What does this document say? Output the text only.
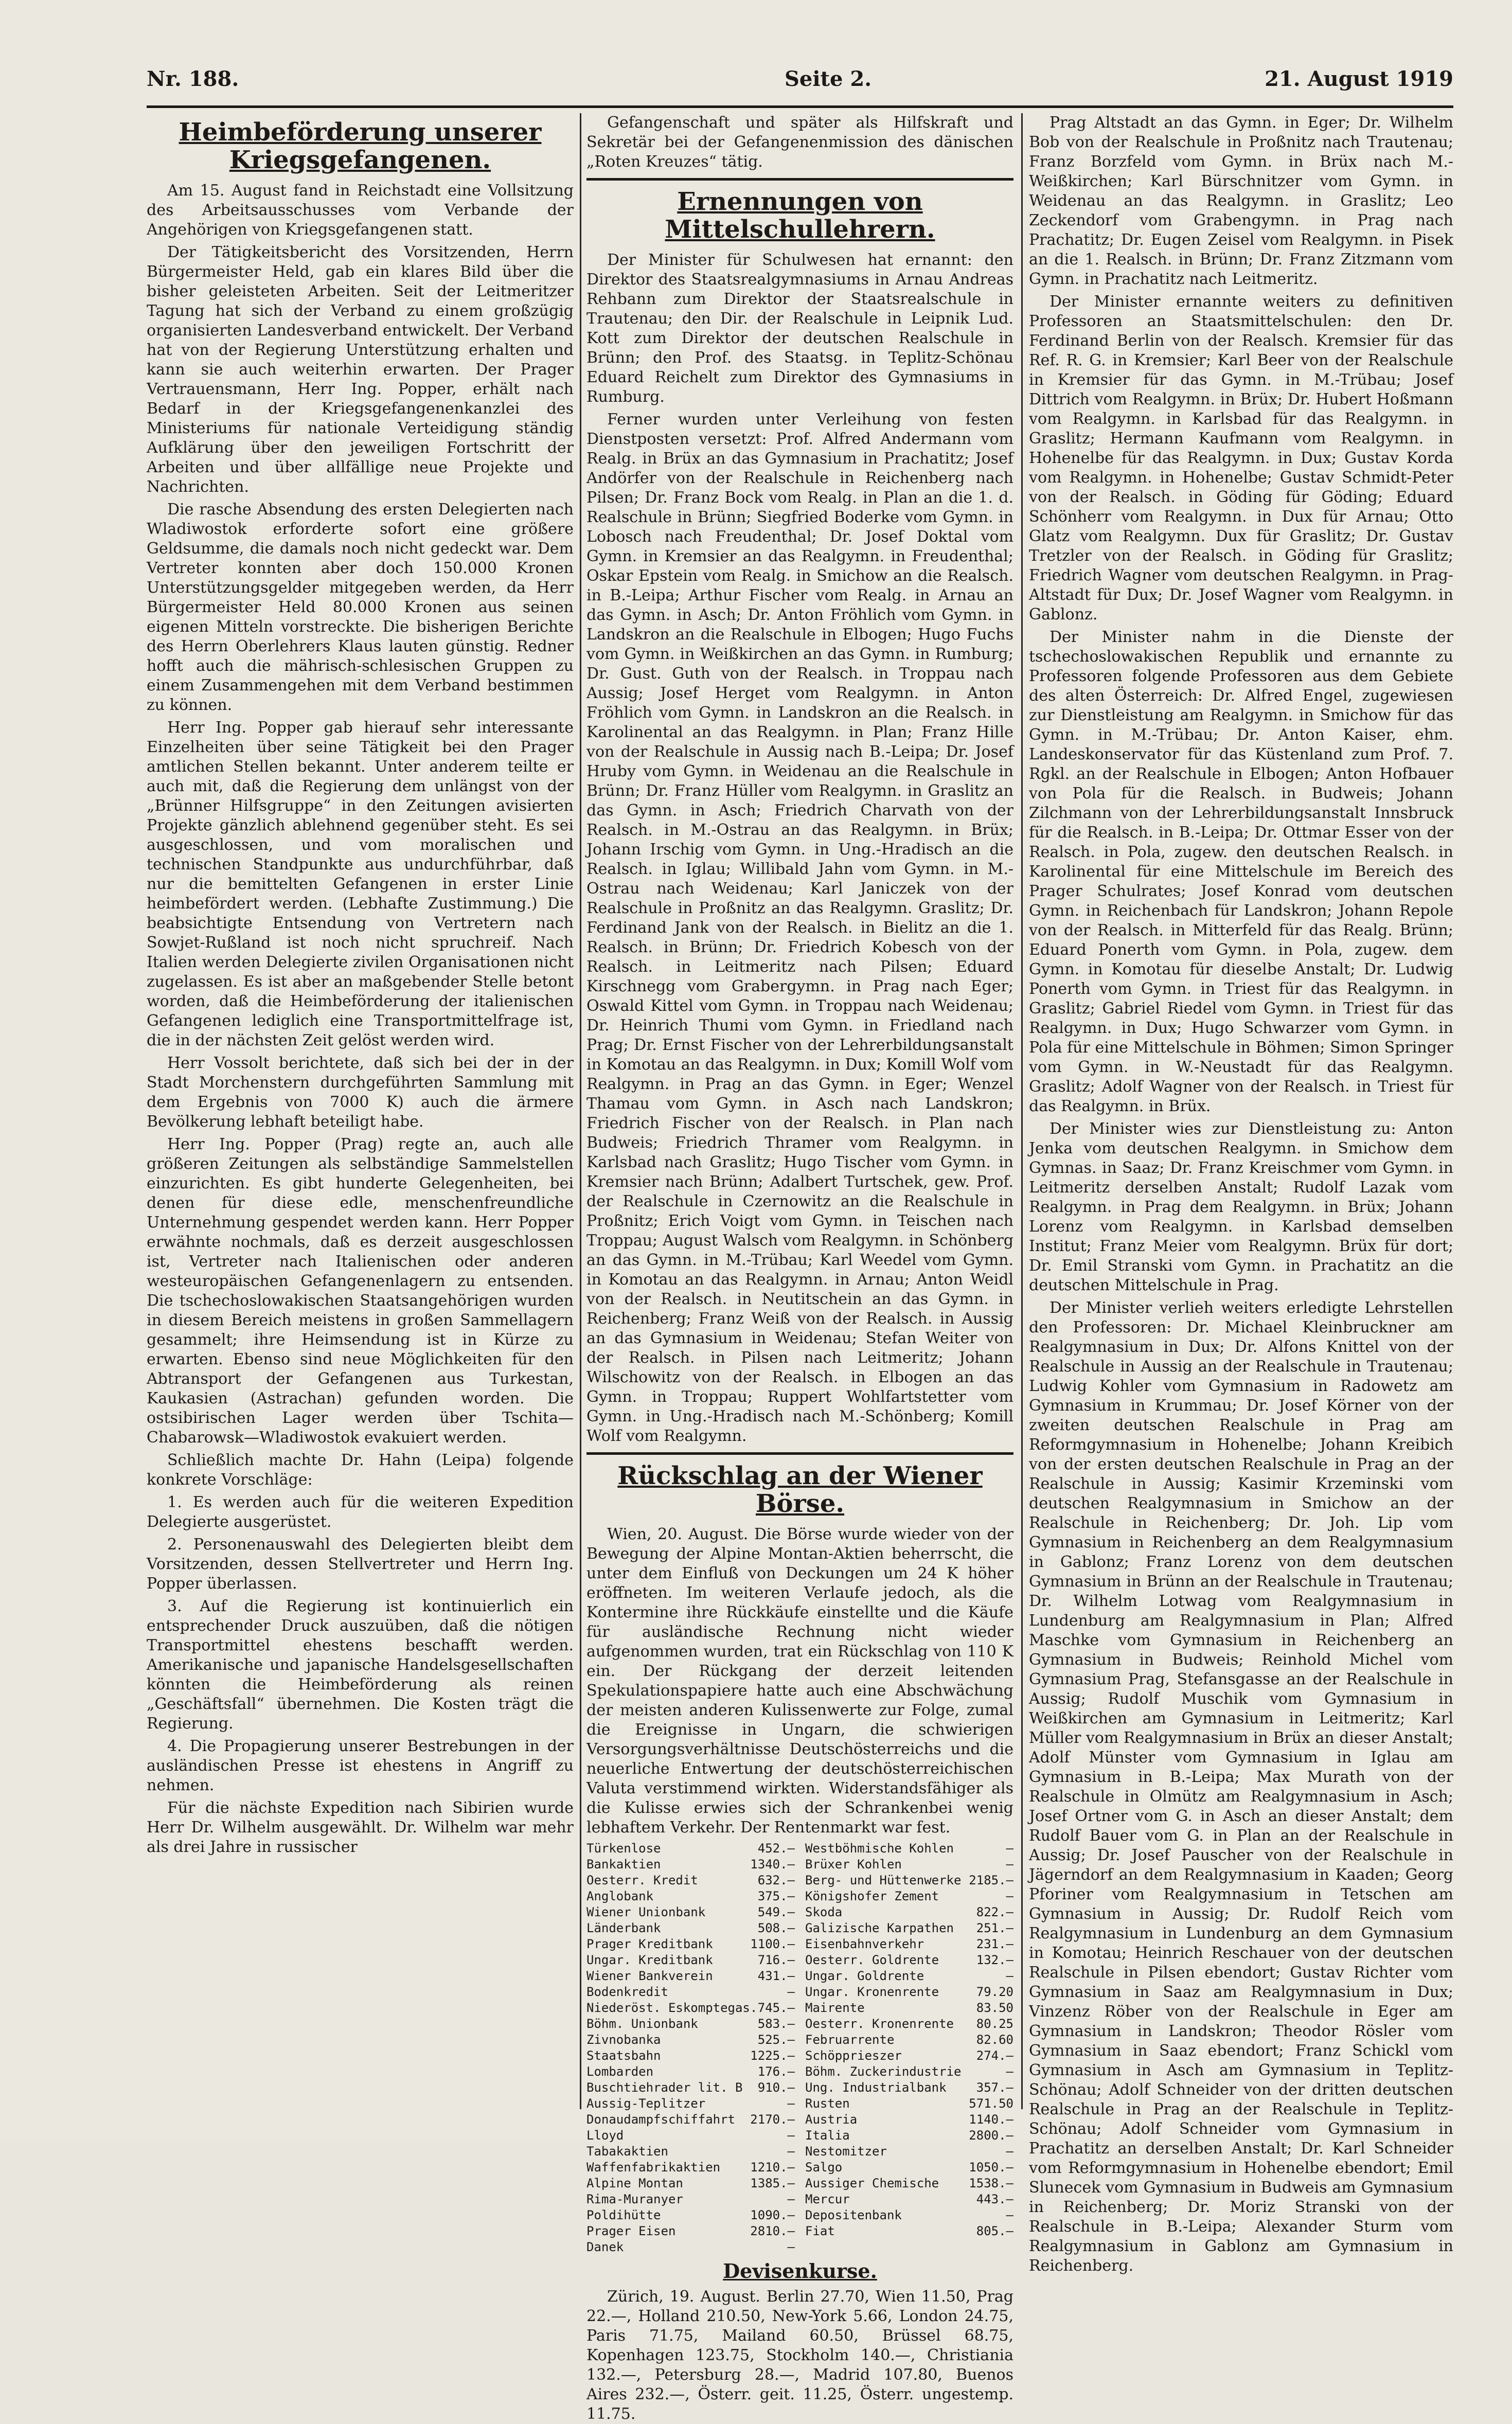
Nr. 188.	Seite 2.	21. August 1919
Heimbeförderung unserer Kriegsgefangenen.

Am 15. August fand in Reichstadt eine Vollsitzung des Arbeitsausschusses vom Verbande der Angehörigen von Kriegsgefangenen statt.

Der Tätigkeitsbericht des Vorsitzenden, Herrn Bürgermeister Held, gab ein klares Bild über die bisher geleisteten Arbeiten. Seit der Leitmeritzer Tagung hat sich der Verband zu einem großzügig organisierten Landesverband entwickelt. Der Verband hat von der Regierung Unterstützung erhalten und kann sie auch weiterhin erwarten. Der Prager Vertrauensmann, Herr Ing. Popper, erhält nach Bedarf in der Kriegsgefangenenkanzlei des Ministeriums für nationale Verteidigung ständig Aufklärung über den jeweiligen Fortschritt der Arbeiten und über allfällige neue Projekte und Nachrichten.

Die rasche Absendung des ersten Delegierten nach Wladiwostok erforderte sofort eine größere Geldsumme, die damals noch nicht gedeckt war. Dem Vertreter konnten aber doch 150.000 Kronen Unterstützungsgelder mitgegeben werden, da Herr Bürgermeister Held 80.000 Kronen aus seinen eigenen Mitteln vorstreckte. Die bisherigen Berichte des Herrn Oberlehrers Klaus lauten günstig. Redner hofft auch die mährisch-schlesischen Gruppen zu einem Zusammengehen mit dem Verband bestimmen zu können.

Herr Ing. Popper gab hierauf sehr interessante Einzelheiten über seine Tätigkeit bei den Prager amtlichen Stellen bekannt. Unter anderem teilte er auch mit, daß die Regierung dem unlängst von der „Brünner Hilfsgruppe“ in den Zeitungen avisierten Projekte gänzlich ablehnend gegenüber steht. Es sei ausgeschlossen, und vom moralischen und technischen Standpunkte aus undurchführbar, daß nur die bemittelten Gefangenen in erster Linie heimbefördert werden. (Lebhafte Zustimmung.) Die beabsichtigte Entsendung von Vertretern nach Sowjet-Rußland ist noch nicht spruchreif. Nach Italien werden Delegierte zivilen Organisationen nicht zugelassen. Es ist aber an maßgebender Stelle betont worden, daß die Heimbeförderung der italienischen Gefangenen lediglich eine Transportmittelfrage ist, die in der nächsten Zeit gelöst werden wird.

Herr Vossolt berichtete, daß sich bei der in der Stadt Morchenstern durchgeführten Sammlung mit dem Ergebnis von 7000 K) auch die ärmere Bevölkerung lebhaft beteiligt habe.

Herr Ing. Popper (Prag) regte an, auch alle größeren Zeitungen als selbständige Sammelstellen einzurichten. Es gibt hunderte Gelegenheiten, bei denen für diese edle, menschenfreundliche Unternehmung gespendet werden kann. Herr Popper erwähnte nochmals, daß es derzeit ausgeschlossen ist, Vertreter nach Italienischen oder anderen westeuropäischen Gefangenenlagern zu entsenden. Die tschechoslowakischen Staatsangehörigen wurden in diesem Bereich meistens in großen Sammellagern gesammelt; ihre Heimsendung ist in Kürze zu erwarten. Ebenso sind neue Möglichkeiten für den Abtransport der Gefangenen aus Turkestan, Kaukasien (Astrachan) gefunden worden. Die ostsibirischen Lager werden über Tschita—Chabarowsk—Wladiwostok evakuiert werden.

Schließlich machte Dr. Hahn (Leipa) folgende konkrete Vorschläge:

1. Es werden auch für die weiteren Expedition Delegierte ausgerüstet.

2. Personenauswahl des Delegierten bleibt dem Vorsitzenden, dessen Stellvertreter und Herrn Ing. Popper überlassen.

3. Auf die Regierung ist kontinuierlich ein entsprechender Druck auszuüben, daß die nötigen Transportmittel ehestens beschafft werden. Amerikanische und japanische Handelsgesellschaften könnten die Heimbeförderung als reinen „Geschäftsfall“ übernehmen. Die Kosten trägt die Regierung.

4. Die Propagierung unserer Bestrebungen in der ausländischen Presse ist ehestens in Angriff zu nehmen.

Für die nächste Expedition nach Sibirien wurde Herr Dr. Wilhelm ausgewählt. Dr. Wilhelm war mehr als drei Jahre in russischer

Gefangenschaft und später als Hilfskraft und Sekretär bei der Gefangenenmission des dänischen „Roten Kreuzes“ tätig.

Ernennungen von Mittelschullehrern.

Der Minister für Schulwesen hat ernannt: den Direktor des Staatsrealgymnasiums in Arnau Andreas Rehbann zum Direktor der Staatsrealschule in Trautenau; den Dir. der Realschule in Leipnik Lud. Kott zum Direktor der deutschen Realschule in Brünn; den Prof. des Staatsg. in Teplitz-Schönau Eduard Reichelt zum Direktor des Gymnasiums in Rumburg.

Ferner wurden unter Verleihung von festen Dienstposten versetzt: Prof. Alfred Andermann vom Realg. in Brüx an das Gymnasium in Prachatitz; Josef Andörfer von der Realschule in Reichenberg nach Pilsen; Dr. Franz Bock vom Realg. in Plan an die 1. d. Realschule in Brünn; Siegfried Boderke vom Gymn. in Lobosch nach Freudenthal; Dr. Josef Doktal vom Gymn. in Kremsier an das Realgymn. in Freudenthal; Oskar Epstein vom Realg. in Smichow an die Realsch. in B.-Leipa; Arthur Fischer vom Realg. in Arnau an das Gymn. in Asch; Dr. Anton Fröhlich vom Gymn. in Landskron an die Realschule in Elbogen; Hugo Fuchs vom Gymn. in Weißkirchen an das Gymn. in Rumburg; Dr. Gust. Guth von der Realsch. in Troppau nach Aussig; Josef Herget vom Realgymn. in Anton Fröhlich vom Gymn. in Landskron an die Realsch. in Karolinental an das Realgymn. in Plan; Franz Hille von der Realschule in Aussig nach B.-Leipa; Dr. Josef Hruby vom Gymn. in Weidenau an die Realschule in Brünn; Dr. Franz Hüller vom Realgymn. in Graslitz an das Gymn. in Asch; Friedrich Charvath von der Realsch. in M.-Ostrau an das Realgymn. in Brüx; Johann Irschig vom Gymn. in Ung.-Hradisch an die Realsch. in Iglau; Willibald Jahn vom Gymn. in M.-Ostrau nach Weidenau; Karl Janiczek von der Realschule in Proßnitz an das Realgymn. Graslitz; Dr. Ferdinand Jank von der Realsch. in Bielitz an die 1. Realsch. in Brünn; Dr. Friedrich Kobesch von der Realsch. in Leitmeritz nach Pilsen; Eduard Kirschnegg vom Grabergymn. in Prag nach Eger; Oswald Kittel vom Gymn. in Troppau nach Weidenau; Dr. Heinrich Thumi vom Gymn. in Friedland nach Prag; Dr. Ernst Fischer von der Lehrerbildungsanstalt in Komotau an das Realgymn. in Dux; Komill Wolf vom Realgymn. in Prag an das Gymn. in Eger; Wenzel Thamau vom Gymn. in Asch nach Landskron; Friedrich Fischer von der Realsch. in Plan nach Budweis; Friedrich Thramer vom Realgymn. in Karlsbad nach Graslitz; Hugo Tischer vom Gymn. in Kremsier nach Brünn; Adalbert Turtschek, gew. Prof. der Realschule in Czernowitz an die Realschule in Proßnitz; Erich Voigt vom Gymn. in Teischen nach Troppau; August Walsch vom Realgymn. in Schönberg an das Gymn. in M.-Trübau; Karl Weedel vom Gymn. in Komotau an das Realgymn. in Arnau; Anton Weidl von der Realsch. in Neutitschein an das Gymn. in Reichenberg; Franz Weiß von der Realsch. in Aussig an das Gymnasium in Weidenau; Stefan Weiter von der Realsch. in Pilsen nach Leitmeritz; Johann Wilschowitz von der Realsch. in Elbogen an das Gymn. in Troppau; Ruppert Wohlfartstetter vom Gymn. in Ung.-Hradisch nach M.-Schönberg; Komill Wolf vom Realgymn.

Rückschlag an der Wiener Börse.

Wien, 20. August. Die Börse wurde wieder von der Bewegung der Alpine Montan-Aktien beherrscht, die unter dem Einfluß von Deckungen um 24 K höher eröffneten. Im weiteren Verlaufe jedoch, als die Kontermine ihre Rückkäufe einstellte und die Käufe für ausländische Rechnung nicht wieder aufgenommen wurden, trat ein Rückschlag von 110 K ein. Der Rückgang der derzeit leitenden Spekulationspapiere hatte auch eine Abschwächung der meisten anderen Kulissenwerte zur Folge, zumal die Ereignisse in Ungarn, die schwierigen Versorgungsverhältnisse Deutschösterreichs und die neuerliche Entwertung der deutschösterreichischen Valuta verstimmend wirkten. Widerstandsfähiger als die Kulisse erwies sich der Schrankenbei wenig lebhaftem Verkehr. Der Rentenmarkt war fest.

Türkenlose	452.—
Bankaktien	1340.—
Oesterr. Kredit	632.—
Anglobank	375.—
Wiener Unionbank	549.—
Länderbank	508.—
Prager Kreditbank	1100.—
Ungar. Kreditbank	716.—
Wiener Bankverein	431.—
Bodenkredit	—
Niederöst. Eskomptegas. 745.—
Böhm. Unionbank	583.—
Zivnobanka	525.—
Staatsbahn	1225.—
Lombarden	176.—
Buschtiehrader lit. B 910.—
Aussig-Teplitzer	—
Donaudampfschiffahrt 2170.—
Lloyd	—
Tabakaktien	—
Waffenfabrikaktien 1210.—
Alpine Montan	1385.—
Rima-Muranyer	—
Poldihütte	1090.—
Prager Eisen	2810.—
Danek	—
Westböhmische Kohlen	—
Brüxer Kohlen	—
Berg- und Hüttenwerke 2185.—
Königshofer Zement	—
Skoda	822.—
Galizische Karpathen 251.—
Eisenbahnverkehr	231.—
Oesterr. Goldrente	132.—
Ungar. Goldrente	—
Ungar. Kronenrente	79.20
Mairente	83.50
Oesterr. Kronenrente 80.25
Februarrente	82.60
Schöpprieszer	274.—
Böhm. Zuckerindustrie	—
Ung. Industrialbank 357.—
Rusten	571.50
Austria	1140.—
Italia	2800.—
Nestomitzer	—
Salgo	1050.—
Aussiger Chemische 1538.—
Mercur	443.—
Depositenbank	—
Fiat	805.—
Devisenkurse.

Zürich, 19. August. Berlin 27.70, Wien 11.50, Prag 22.—, Holland 210.50, New-York 5.66, London 24.75, Paris 71.75, Mailand 60.50, Brüssel 68.75, Kopenhagen 123.75, Stockholm 140.—, Christiania 132.—, Petersburg 28.—, Madrid 107.80, Buenos Aires 232.—, Österr. geit. 11.25, Österr. ungestemp. 11.75.

Prag Altstadt an das Gymn. in Eger; Dr. Wilhelm Bob von der Realschule in Proßnitz nach Trautenau; Franz Borzfeld vom Gymn. in Brüx nach M.-Weißkirchen; Karl Bürschnitzer vom Gymn. in Weidenau an das Realgymn. in Graslitz; Leo Zeckendorf vom Grabengymn. in Prag nach Prachatitz; Dr. Eugen Zeisel vom Realgymn. in Pisek an die 1. Realsch. in Brünn; Dr. Franz Zitzmann vom Gymn. in Prachatitz nach Leitmeritz.

Der Minister ernannte weiters zu definitiven Professoren an Staatsmittelschulen: den Dr. Ferdinand Berlin von der Realsch. Kremsier für das Ref. R. G. in Kremsier; Karl Beer von der Realschule in Kremsier für das Gymn. in M.-Trübau; Josef Dittrich vom Realgymn. in Brüx; Dr. Hubert Hoßmann vom Realgymn. in Karlsbad für das Realgymn. in Graslitz; Hermann Kaufmann vom Realgymn. in Hohenelbe für das Realgymn. in Dux; Gustav Korda vom Realgymn. in Hohenelbe; Gustav Schmidt-Peter von der Realsch. in Göding für Göding; Eduard Schönherr vom Realgymn. in Dux für Arnau; Otto Glatz vom Realgymn. Dux für Graslitz; Dr. Gustav Tretzler von der Realsch. in Göding für Graslitz; Friedrich Wagner vom deutschen Realgymn. in Prag-Altstadt für Dux; Dr. Josef Wagner vom Realgymn. in Gablonz.

Der Minister nahm in die Dienste der tschechoslowakischen Republik und ernannte zu Professoren folgende Professoren aus dem Gebiete des alten Österreich: Dr. Alfred Engel, zugewiesen zur Dienstleistung am Realgymn. in Smichow für das Gymn. in M.-Trübau; Dr. Anton Kaiser, ehm. Landeskonservator für das Küstenland zum Prof. 7. Rgkl. an der Realschule in Elbogen; Anton Hofbauer von Pola für die Realsch. in Budweis; Johann Zilchmann von der Lehrerbildungsanstalt Innsbruck für die Realsch. in B.-Leipa; Dr. Ottmar Esser von der Realsch. in Pola, zugew. den deutschen Realsch. in Karolinental für eine Mittelschule im Bereich des Prager Schulrates; Josef Konrad vom deutschen Gymn. in Reichenbach für Landskron; Johann Repole von der Realsch. in Mitterfeld für das Realg. Brünn; Eduard Ponerth vom Gymn. in Pola, zugew. dem Gymn. in Komotau für dieselbe Anstalt; Dr. Ludwig Ponerth vom Gymn. in Triest für das Realgymn. in Graslitz; Gabriel Riedel vom Gymn. in Triest für das Realgymn. in Dux; Hugo Schwarzer vom Gymn. in Pola für eine Mittelschule in Böhmen; Simon Springer vom Gymn. in W.-Neustadt für das Realgymn. Graslitz; Adolf Wagner von der Realsch. in Triest für das Realgymn. in Brüx.

Der Minister wies zur Dienstleistung zu: Anton Jenka vom deutschen Realgymn. in Smichow dem Gymnas. in Saaz; Dr. Franz Kreischmer vom Gymn. in Leitmeritz derselben Anstalt; Rudolf Lazak vom Realgymn. in Prag dem Realgymn. in Brüx; Johann Lorenz vom Realgymn. in Karlsbad demselben Institut; Franz Meier vom Realgymn. Brüx für dort; Dr. Emil Stranski vom Gymn. in Prachatitz an die deutschen Mittelschule in Prag.

Der Minister verlieh weiters erledigte Lehrstellen den Professoren: Dr. Michael Kleinbruckner am Realgymnasium in Dux; Dr. Alfons Knittel von der Realschule in Aussig an der Realschule in Trautenau; Ludwig Kohler vom Gymnasium in Radowetz am Gymnasium in Krummau; Dr. Josef Körner von der zweiten deutschen Realschule in Prag am Reformgymnasium in Hohenelbe; Johann Kreibich von der ersten deutschen Realschule in Prag an der Realschule in Aussig; Kasimir Krzeminski vom deutschen Realgymnasium in Smichow an der Realschule in Reichenberg; Dr. Joh. Lip vom Gymnasium in Reichenberg an dem Realgymnasium in Gablonz; Franz Lorenz von dem deutschen Gymnasium in Brünn an der Realschule in Trautenau; Dr. Wilhelm Lotwag vom Realgymnasium in Lundenburg am Realgymnasium in Plan; Alfred Maschke vom Gymnasium in Reichenberg an Gymnasium in Budweis; Reinhold Michel vom Gymnasium Prag, Stefansgasse an der Realschule in Aussig; Rudolf Muschik vom Gymnasium in Weißkirchen am Gymnasium in Leitmeritz; Karl Müller vom Realgymnasium in Brüx an dieser Anstalt; Adolf Münster vom Gymnasium in Iglau am Gymnasium in B.-Leipa; Max Murath von der Realschule in Olmütz am Realgymnasium in Asch; Josef Ortner vom G. in Asch an dieser Anstalt; dem Rudolf Bauer vom G. in Plan an der Realschule in Aussig; Dr. Josef Pauscher von der Realschule in Jägerndorf an dem Realgymnasium in Kaaden; Georg Pforiner vom Realgymnasium in Tetschen am Gymnasium in Aussig; Dr. Rudolf Reich vom Realgymnasium in Lundenburg an dem Gymnasium in Komotau; Heinrich Reschauer von der deutschen Realschule in Pilsen ebendort; Gustav Richter vom Gymnasium in Saaz am Realgymnasium in Dux; Vinzenz Röber von der Realschule in Eger am Gymnasium in Landskron; Theodor Rösler vom Gymnasium in Saaz ebendort; Franz Schickl vom Gymnasium in Asch am Gymnasium in Teplitz-Schönau; Adolf Schneider von der dritten deutschen Realschule in Prag an der Realschule in Teplitz-Schönau; Adolf Schneider vom Gymnasium in Prachatitz an derselben Anstalt; Dr. Karl Schneider vom Reformgymnasium in Hohenelbe ebendort; Emil Slunecek vom Gymnasium in Budweis am Gymnasium in Reichenberg; Dr. Moriz Stranski von der Realschule in B.-Leipa; Alexander Sturm vom Realgymnasium in Gablonz am Gymnasium in Reichenberg.
